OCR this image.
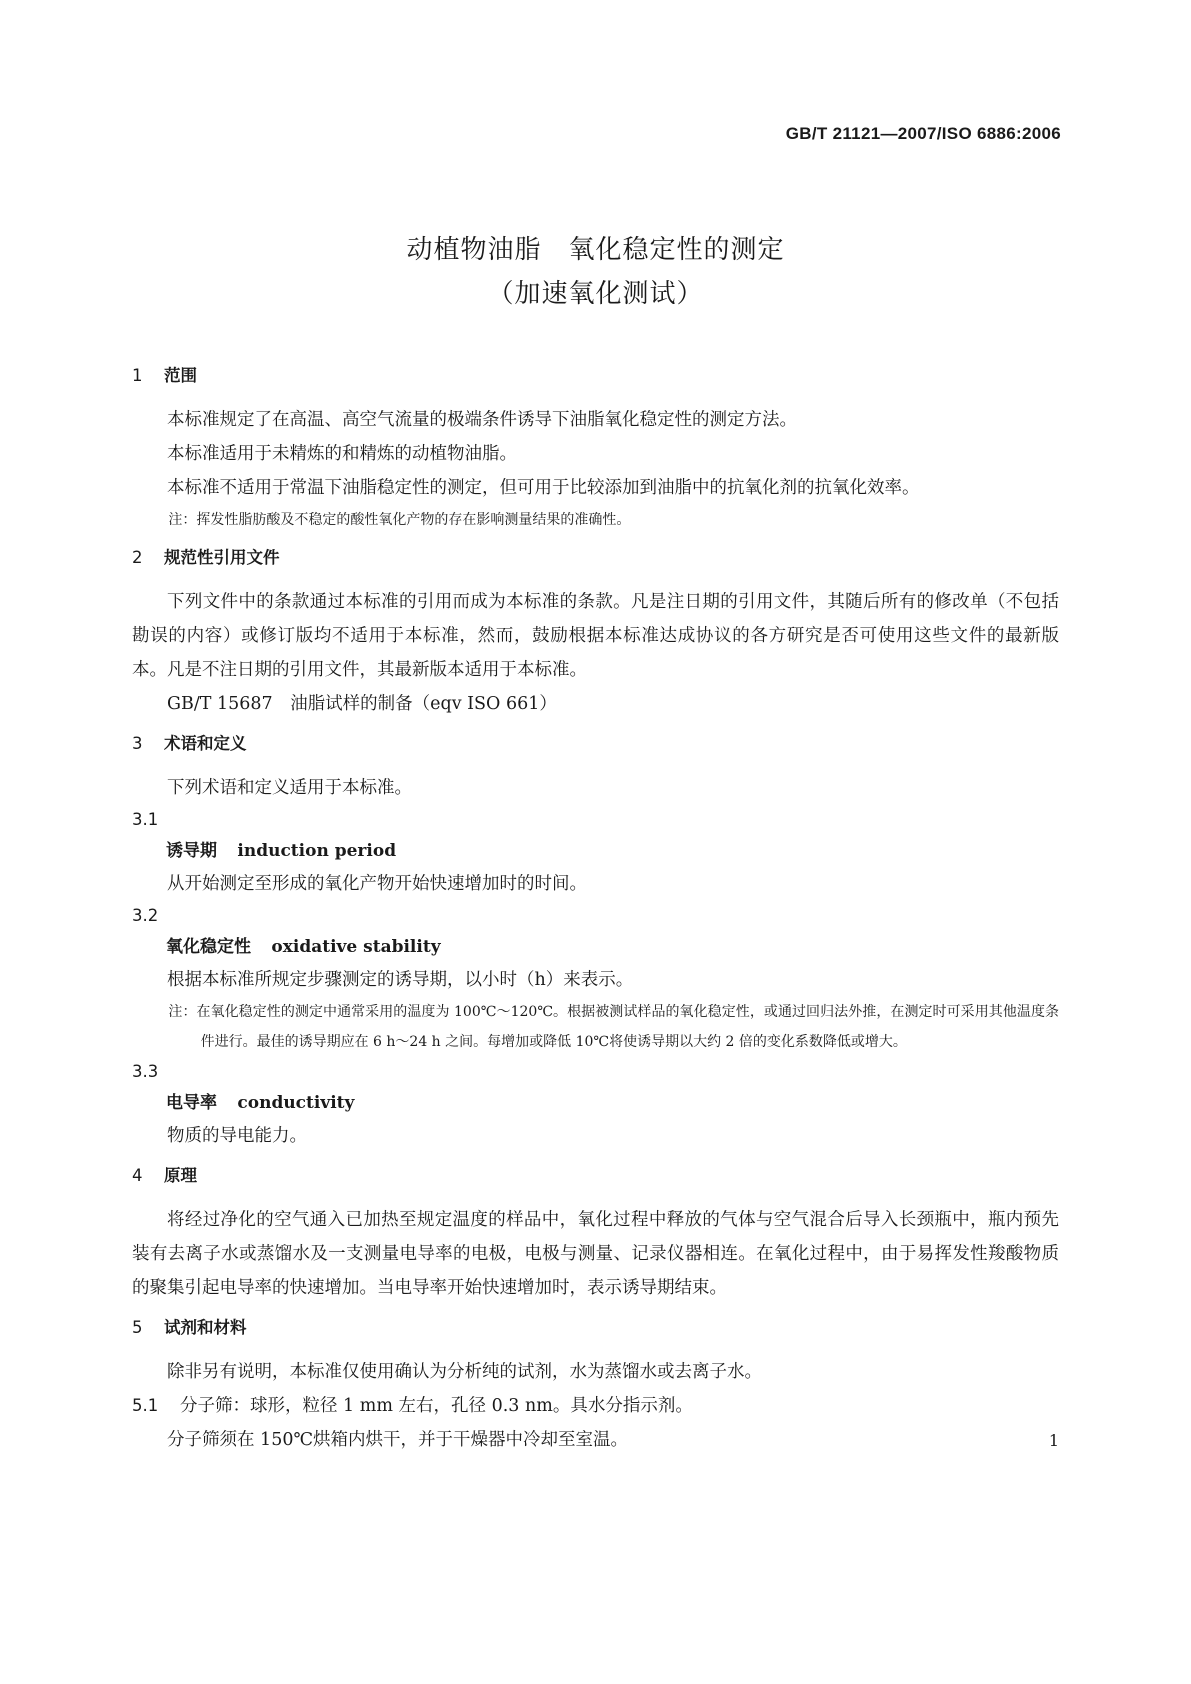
GB/T 21121—2007/ISO 6886:2006
动植物油脂　氧化稳定性的测定
（加速氧化测试）
1 范围

本标准规定了在高温、高空气流量的极端条件诱导下油脂氧化稳定性的测定方法。

本标准适用于未精炼的和精炼的动植物油脂。

本标准不适用于常温下油脂稳定性的测定，但可用于比较添加到油脂中的抗氧化剂的抗氧化效率。

注：挥发性脂肪酸及不稳定的酸性氧化产物的存在影响测量结果的准确性。

2 规范性引用文件

下列文件中的条款通过本标准的引用而成为本标准的条款。凡是注日期的引用文件，其随后所有的修改单（不包括勘误的内容）或修订版均不适用于本标准，然而，鼓励根据本标准达成协议的各方研究是否可使用这些文件的最新版本。凡是不注日期的引用文件，其最新版本适用于本标准。

GB/T 15687　油脂试样的制备（eqv ISO 661）

3 术语和定义

下列术语和定义适用于本标准。

3.1

诱导期 induction period

从开始测定至形成的氧化产物开始快速增加时的时间。

3.2

氧化稳定性 oxidative stability

根据本标准所规定步骤测定的诱导期，以小时（h）来表示。

注：在氧化稳定性的测定中通常采用的温度为 100℃～120℃。根据被测试样品的氧化稳定性，或通过回归法外推，在测定时可采用其他温度条件进行。最佳的诱导期应在 6 h～24 h 之间。每增加或降低 10℃将使诱导期以大约 2 倍的变化系数降低或增大。

3.3

电导率 conductivity

物质的导电能力。

4 原理

将经过净化的空气通入已加热至规定温度的样品中，氧化过程中释放的气体与空气混合后导入长颈瓶中，瓶内预先装有去离子水或蒸馏水及一支测量电导率的电极，电极与测量、记录仪器相连。在氧化过程中，由于易挥发性羧酸物质的聚集引起电导率的快速增加。当电导率开始快速增加时，表示诱导期结束。

5 试剂和材料

除非另有说明，本标准仅使用确认为分析纯的试剂，水为蒸馏水或去离子水。

5.1 分子筛：球形，粒径 1 mm 左右，孔径 0.3 nm。具水分指示剂。

分子筛须在 150℃烘箱内烘干，并于干燥器中冷却至室温。	1
